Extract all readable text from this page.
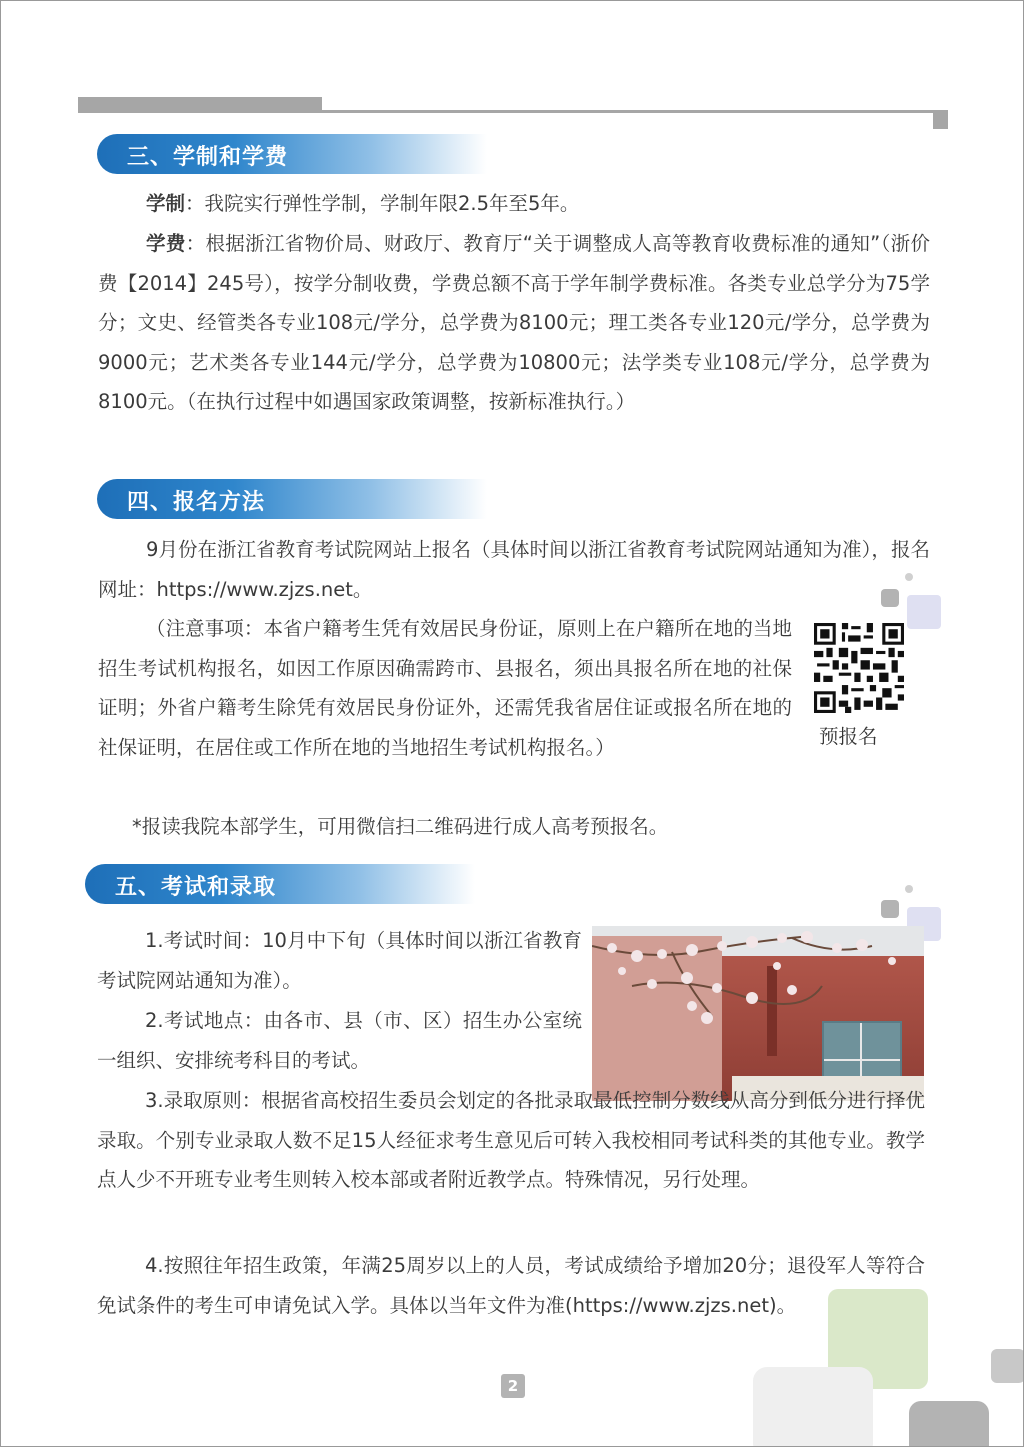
三、学制和学费
学制：我院实行弹性学制，学制年限2.5年至5年。
学费：根据浙江省物价局、财政厅、教育厅“关于调整成人高等教育收费标准的通知”（浙价费【2014】245号），按学分制收费，学费总额不高于学年制学费标准。各类专业总学分为75学分；文史、经管类各专业108元/学分，总学费为8100元；理工类各专业120元/学分，总学费为9000元；艺术类各专业144元/学分，总学费为10800元；法学类专业108元/学分，总学费为8100元。（在执行过程中如遇国家政策调整，按新标准执行。）
四、报名方法
9月份在浙江省教育考试院网站上报名（具体时间以浙江省教育考试院网站通知为准），报名网址：https://www.zjzs.net。
（注意事项：本省户籍考生凭有效居民身份证，原则上在户籍所在地的当地招生考试机构报名，如因工作原因确需跨市、县报名，须出具报名所在地的社保证明；外省户籍考生除凭有效居民身份证外，还需凭我省居住证或报名所在地的社保证明，在居住或工作所在地的当地招生考试机构报名。）
*报读我院本部学生，可用微信扫二维码进行成人高考预报名。
预报名
五、考试和录取
1.考试时间：10月中下旬（具体时间以浙江省教育考试院网站通知为准）。
2.考试地点：由各市、县（市、区）招生办公室统一组织、安排统考科目的考试。
3.录取原则：根据省高校招生委员会划定的各批录取最低控制分数线从高分到低分进行择优录取。个别专业录取人数不足15人经征求考生意见后可转入我校相同考试科类的其他专业。教学点人少不开班专业考生则转入校本部或者附近教学点。特殊情况，另行处理。
4.按照往年招生政策，年满25周岁以上的人员，考试成绩给予增加20分；退役军人等符合免试条件的考生可申请免试入学。具体以当年文件为准(https://www.zjzs.net)。
2
